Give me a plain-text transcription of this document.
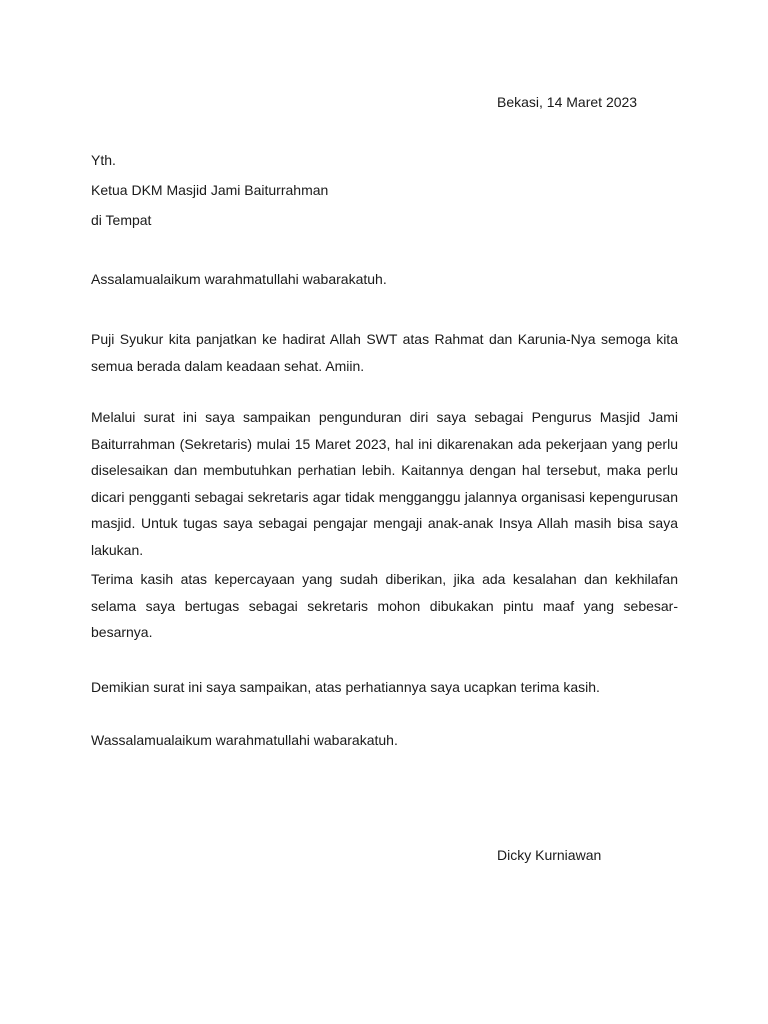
Bekasi, 14 Maret 2023
Yth.
Ketua DKM Masjid Jami Baiturrahman
di Tempat

Assalamualaikum warahmatullahi wabarakatuh.

Puji Syukur kita panjatkan ke hadirat Allah SWT atas Rahmat dan Karunia-Nya semoga kita semua berada dalam keadaan sehat. Amiin.

Melalui surat ini saya sampaikan pengunduran diri saya sebagai Pengurus Masjid Jami Baiturrahman (Sekretaris) mulai 15 Maret 2023, hal ini dikarenakan ada pekerjaan yang perlu diselesaikan dan membutuhkan perhatian lebih. Kaitannya dengan hal tersebut, maka perlu dicari pengganti sebagai sekretaris agar tidak mengganggu jalannya organisasi kepengurusan masjid. Untuk tugas saya sebagai pengajar mengaji anak-anak Insya Allah masih bisa saya lakukan.

Terima kasih atas kepercayaan yang sudah diberikan, jika ada kesalahan dan kekhilafan selama saya bertugas sebagai sekretaris mohon dibukakan pintu maaf yang sebesar-besarnya.

Demikian surat ini saya sampaikan, atas perhatiannya saya ucapkan terima kasih.

Wassalamualaikum warahmatullahi wabarakatuh.

Dicky Kurniawan
